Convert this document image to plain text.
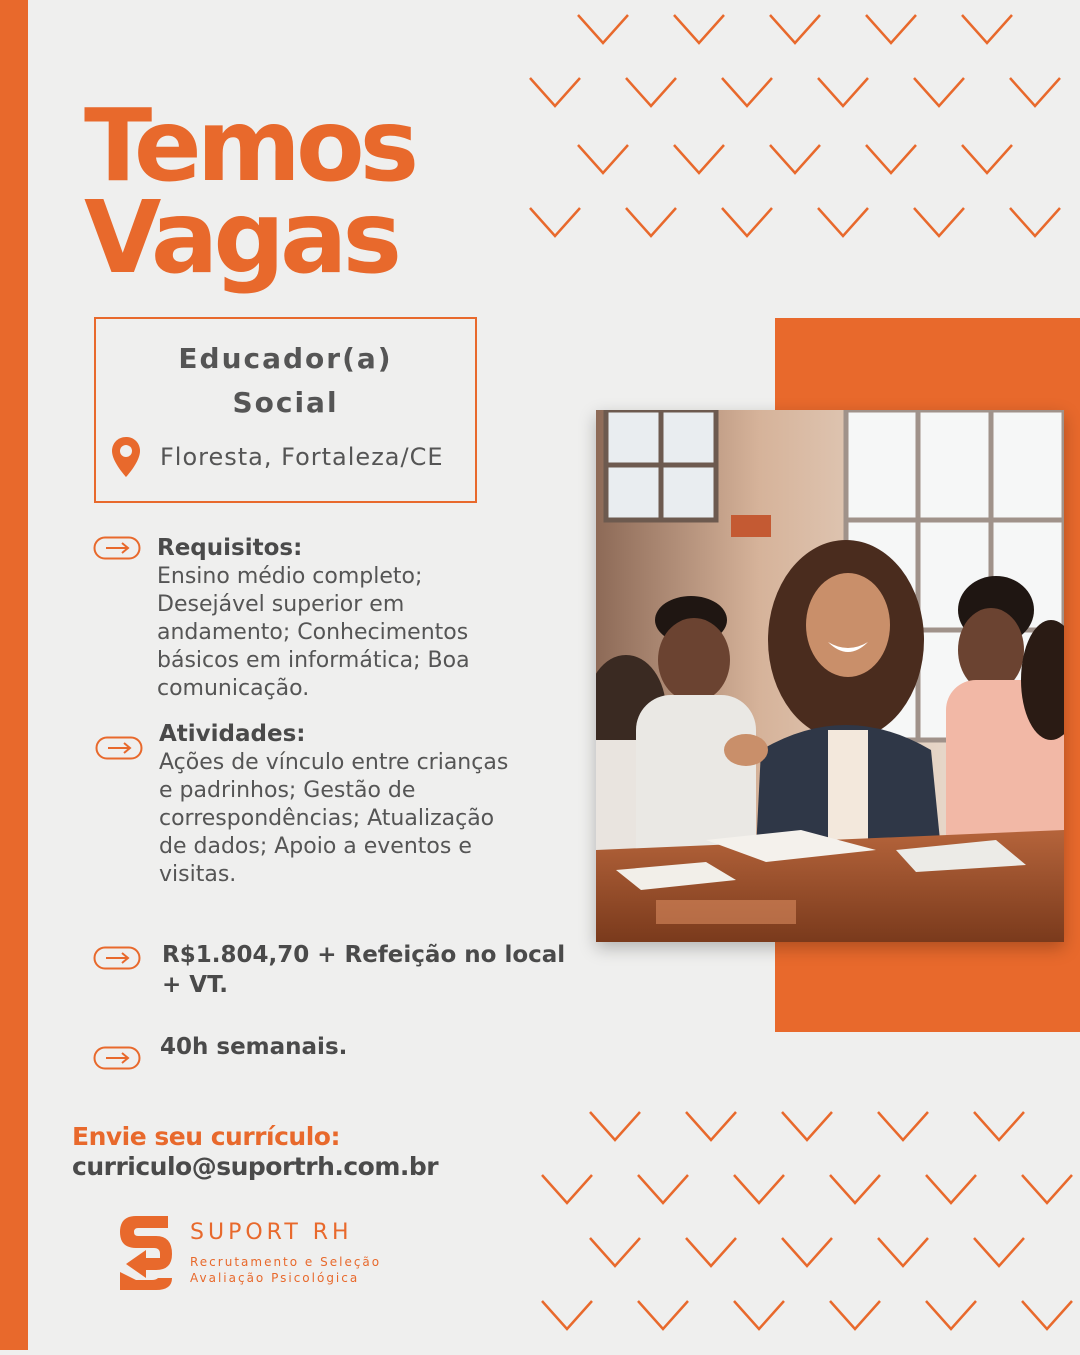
Temos
Vagas
Educador(a)
Social
Floresta, Fortaleza/CE

Requisitos:

Ensino médio completo;
Desejável superior em
andamento; Conhecimentos
básicos em informática; Boa
comunicação.

Atividades:

Ações de vínculo entre crianças
e padrinhos; Gestão de
correspondências; Atualização
de dados; Apoio a eventos e
visitas.
R$1.804,70 + Refeição no local
+ VT.
40h semanais.
Envie seu currículo:
curriculo@suportrh.com.br
SUPORT RH
Recrutamento e Seleção
Avaliação Psicológica
